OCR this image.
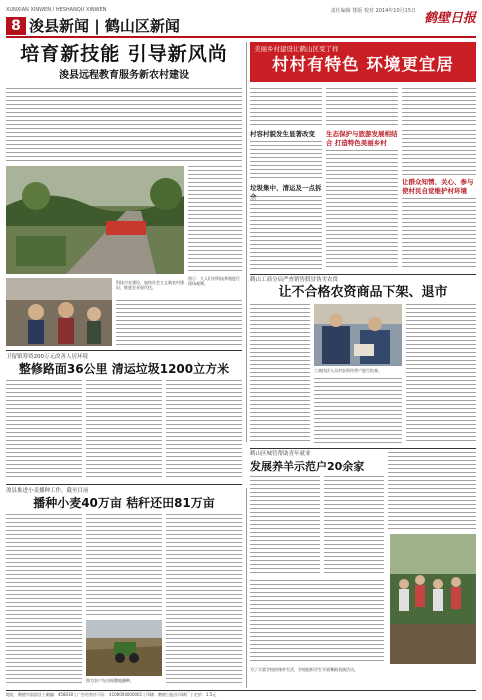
XUNXIAN XINWEN / HESHANQU XINWEN	责任编辑 排版 校对 2014年10月15日
8 浚县新闻 | 鹤山区新闻	鹤壁日报
培育新技能 引导新风尚
浚县远程教育服务新农村建设
图①：大人们对科技养殖进行现场观摩。
科技兴农建设，加快社会主义新农村建设，推进农业现代化。
美丽乡村建设让鹤山区变了样
村村有特色 环境更宜居
村容村貌发生显著改变	生态保护与旅游发展相结合 打造特色美丽乡村
垃圾集中、清运及一点拆
让群众知情、关心、参与 使村民自觉维护村环境
鹤山工商分局严查销售假冒伪劣农资
让不合格农资商品下架、退市
工商执法人员对农资经营户进行检查。
卫留镇筹资200万元改善人居环境
整修路面36公里 清运垃圾1200立方米
浚县推进小麦播种工作，截至目前
播种小麦40万亩 秸秆还田81万亩
图为农户在田间整地播种。
鹤山区城管帮助青年就业
发展养羊示范户20余家
为了丰富学校的课外生活，学校组织学生开展舞蹈表演活动。
地址：鹤壁市淇滨区 | 邮编：458030 | 广告经营许可证：4106004000001 | 印刷：鹤壁日报社印刷厂 | 定价：1.5元
